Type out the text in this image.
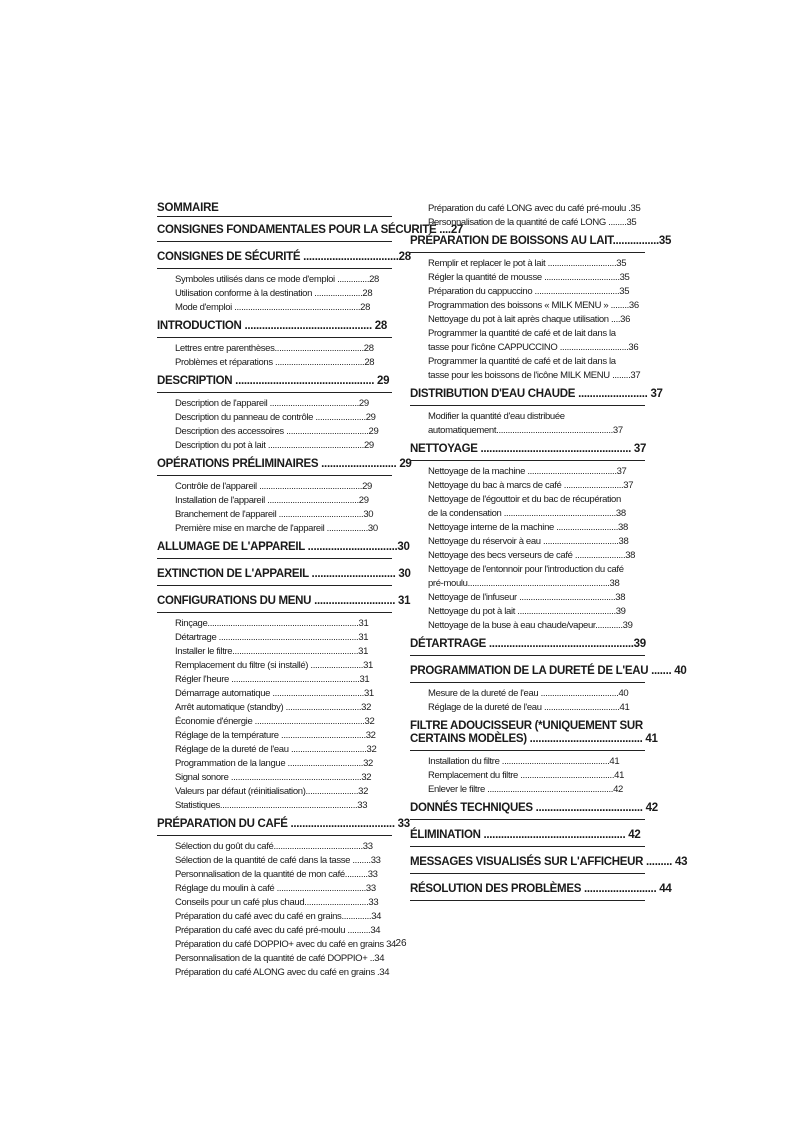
SOMMAIRE
CONSIGNES FONDAMENTALES POUR LA SÉCURITÉ ....27
CONSIGNES DE SÉCURITÉ .................................28
Symboles utilisés dans ce mode d'emploi ..............28
Utilisation conforme à la destination .....................28
Mode d'emploi .......................................................28
INTRODUCTION ............................................ 28
Lettres entre parenthèses.......................................28
Problèmes et réparations .......................................28
DESCRIPTION ................................................ 29
Description de l'appareil .......................................29
Description du panneau de contrôle ......................29
Description des accessoires ....................................29
Description du pot à lait ..........................................29
OPÉRATIONS PRÉLIMINAIRES .......................... 29
Contrôle de l'appareil .............................................29
Installation de l'appareil ........................................29
Branchement de l'appareil .....................................30
Première mise en marche de l'appareil ..................30
ALLUMAGE DE L'APPAREIL ...............................30
EXTINCTION DE L'APPAREIL ............................. 30
CONFIGURATIONS DU MENU ............................ 31
Rinçage..................................................................31
Détartrage .............................................................31
Installer le filtre.......................................................31
Remplacement du filtre (si installé) .......................31
Régler l'heure ........................................................31
Démarrage automatique ........................................31
Arrêt automatique (standby) .................................32
Économie d'énergie ................................................32
Réglage de la température .....................................32
Réglage de la dureté de l'eau .................................32
Programmation de la langue .................................32
Signal sonore .........................................................32
Valeurs par défaut (réinitialisation).......................32
Statistiques............................................................33
PRÉPARATION DU CAFÉ .................................... 33
Sélection du goût du café.......................................33
Sélection de la quantité de café dans la tasse ........33
Personnalisation de la quantité de mon café..........33
Réglage du moulin à café .......................................33
Conseils pour un café plus chaud............................33
Préparation du café avec du café en grains.............34
Préparation du café avec du café pré-moulu ..........34
Préparation du café DOPPIO+ avec du café en grains 34
Personnalisation de la quantité de café DOPPIO+ ..34
Préparation du café ALONG avec du café en grains .34
Préparation du café LONG avec du café pré-moulu .35
Personnalisation de la quantité de café LONG ........35
PRÉPARATION DE BOISSONS AU LAIT................35
Remplir et replacer le pot à lait ..............................35
Régler la quantité de mousse .................................35
Préparation du cappuccino .....................................35
Programmation des boissons « MILK MENU » ........36
Nettoyage du pot à lait après chaque utilisation ....36
Programmer la quantité de café et de lait dans la
tasse pour l'icône CAPPUCCINO ..............................36
Programmer la quantité de café et de lait dans la
tasse pour les boissons de l'icône MILK MENU ........37
DISTRIBUTION D'EAU CHAUDE ........................ 37
Modifier la quantité d'eau distribuée
automatiquement...................................................37
NETTOYAGE .................................................... 37
Nettoyage de la machine .......................................37
Nettoyage du bac à marcs de café ..........................37
Nettoyage de l'égouttoir et du bac de récupération
de la condensation .................................................38
Nettoyage interne de la machine ...........................38
Nettoyage du réservoir à eau .................................38
Nettoyage des becs verseurs de café ......................38
Nettoyage de l'entonnoir pour l'introduction du café
pré-moulu..............................................................38
Nettoyage de l'infuseur ..........................................38
Nettoyage du pot à lait ...........................................39
Nettoyage de la buse à eau chaude/vapeur............39
DÉTARTRAGE ..................................................39
PROGRAMMATION DE LA DURETÉ DE L'EAU ....... 40
Mesure de la dureté de l'eau ..................................40
Réglage de la dureté de l'eau .................................41
FILTRE ADOUCISSEUR (*UNIQUEMENT SUR
CERTAINS MODÈLES) ....................................... 41
Installation du filtre ...............................................41
Remplacement du filtre .........................................41
Enlever le filtre .......................................................42
DONNÉS TECHNIQUES ..................................... 42
ÉLIMINATION ................................................. 42
MESSAGES VISUALISÉS SUR L'AFFICHEUR ......... 43
RÉSOLUTION DES PROBLÈMES ......................... 44
26
